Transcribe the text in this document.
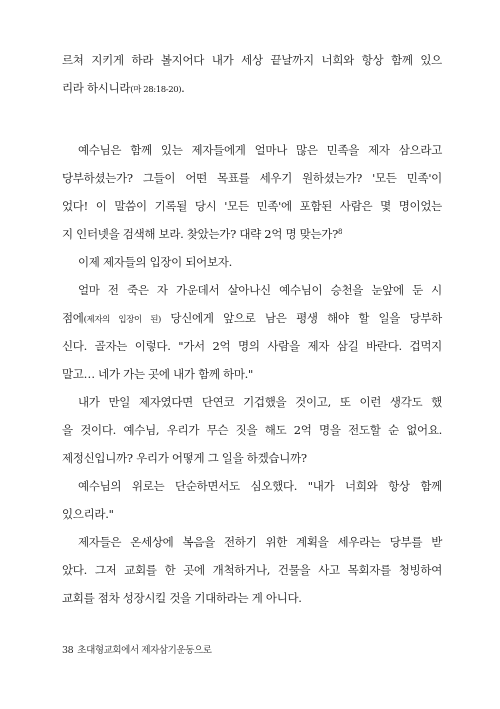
르쳐 지키게 하라 볼지어다 내가 세상 끝날까지 너희와 항상 함께 있으
리라 하시니라(마 28:18-20).
예수님은 함께 있는 제자들에게 얼마나 많은 민족을 제자 삼으라고
당부하셨는가? 그들이 어떤 목표를 세우기 원하셨는가? '모든 민족'이
었다! 이 말씀이 기록될 당시 '모든 민족'에 포함된 사람은 몇 명이었는
지 인터넷을 검색해 보라. 찾았는가? 대략 2억 명 맞는가?$^8$
이제 제자들의 입장이 되어보자.
얼마 전 죽은 자 가운데서 살아나신 예수님이 승천을 눈앞에 둔 시
점에(제자의 입장이 된) 당신에게 앞으로 남은 평생 해야 할 일을 당부하
신다. 골자는 이렇다. "가서 2억 명의 사람을 제자 삼길 바란다. 겁먹지
말고… 네가 가는 곳에 내가 함께 하마."
내가 만일 제자였다면 단연코 기겁했을 것이고, 또 이런 생각도 했
을 것이다. 예수님, 우리가 무슨 짓을 해도 2억 명을 전도할 순 없어요.
제정신입니까? 우리가 어떻게 그 일을 하겠습니까?
예수님의 위로는 단순하면서도 심오했다. "내가 너희와 항상 함께
있으리라."
제자들은 온세상에 복음을 전하기 위한 계획을 세우라는 당부를 받
았다. 그저 교회를 한 곳에 개척하거나, 건물을 사고 목회자를 청빙하여
교회를 점차 성장시킬 것을 기대하라는 게 아니다.
38 초대형교회에서 제자삼기운동으로
